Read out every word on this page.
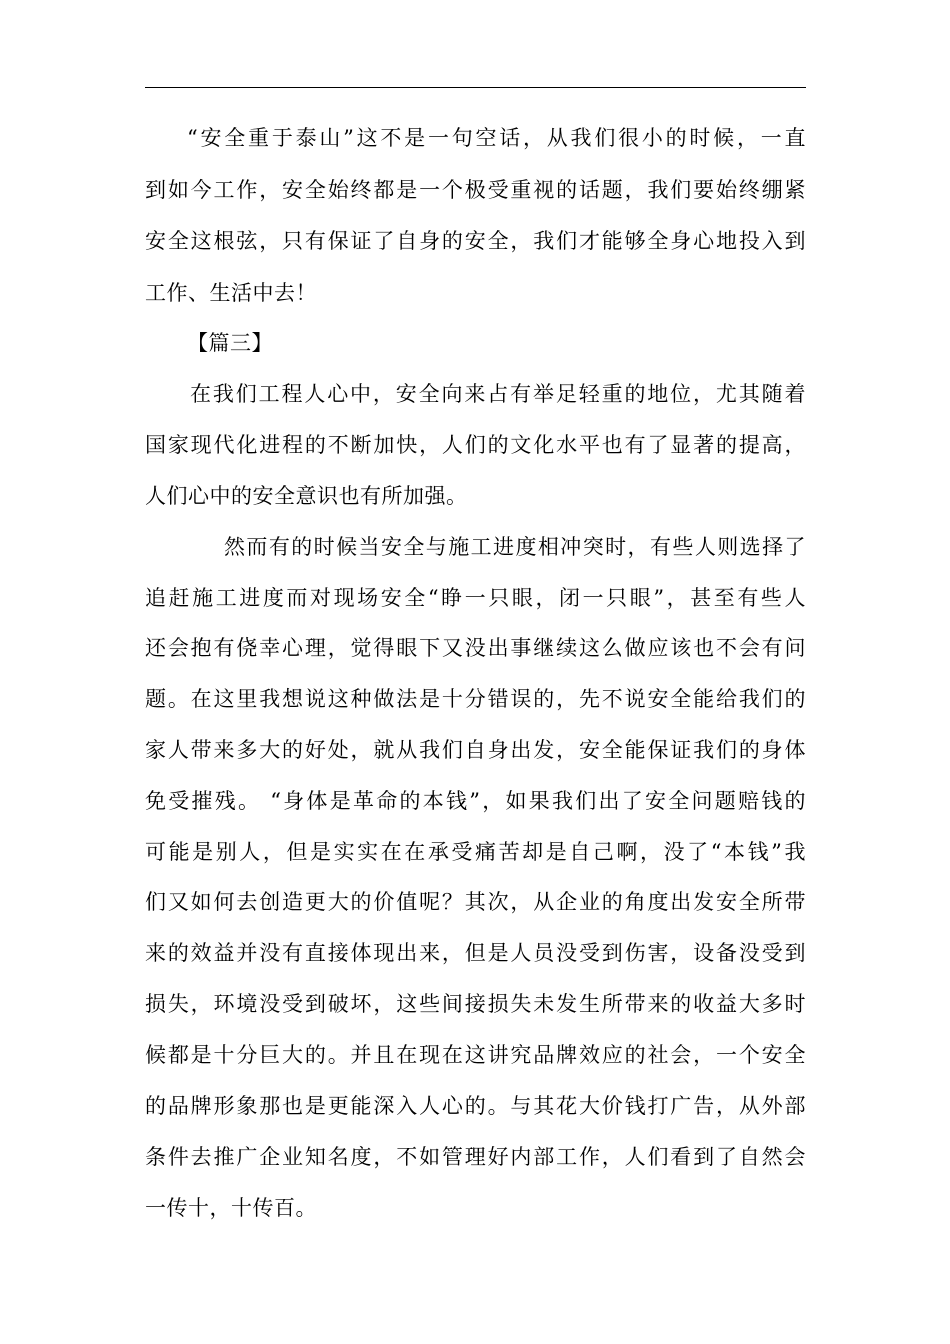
“安全重于泰山”这不是一句空话，从我们很小的时候，一直
到如今工作，安全始终都是一个极受重视的话题，我们要始终绷紧
安全这根弦，只有保证了自身的安全，我们才能够全身心地投入到
工作、生活中去！
【篇三】
在我们工程人心中，安全向来占有举足轻重的地位，尤其随着
国家现代化进程的不断加快，人们的文化水平也有了显著的提高，
人们心中的安全意识也有所加强。
然而有的时候当安全与施工进度相冲突时，有些人则选择了
追赶施工进度而对现场安全“睁一只眼，闭一只眼”，甚至有些人
还会抱有侥幸心理，觉得眼下又没出事继续这么做应该也不会有问
题。在这里我想说这种做法是十分错误的，先不说安全能给我们的
家人带来多大的好处，就从我们自身出发，安全能保证我们的身体
免受摧残。 “身体是革命的本钱”，如果我们出了安全问题赔钱的
可能是别人，但是实实在在承受痛苦却是自己啊，没了“本钱”我
们又如何去创造更大的价值呢？其次，从企业的角度出发安全所带
来的效益并没有直接体现出来，但是人员没受到伤害，设备没受到
损失，环境没受到破坏，这些间接损失未发生所带来的收益大多时
候都是十分巨大的。并且在现在这讲究品牌效应的社会，一个安全
的品牌形象那也是更能深入人心的。与其花大价钱打广告，从外部
条件去推广企业知名度，不如管理好内部工作，人们看到了自然会
一传十，十传百。
